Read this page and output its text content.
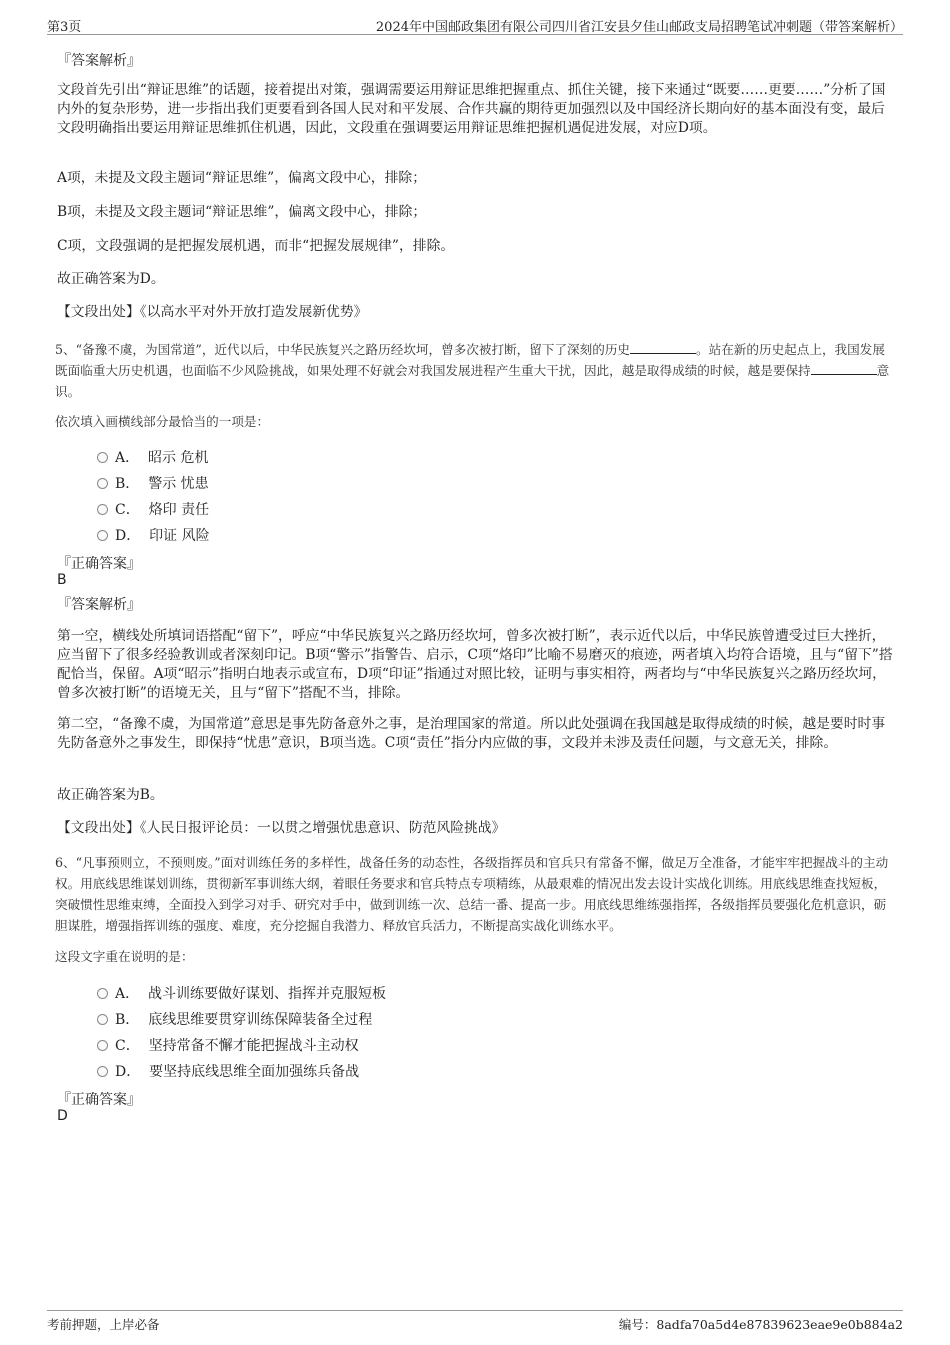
第3页	2024年中国邮政集团有限公司四川省江安县夕佳山邮政支局招聘笔试冲刺题（带答案解析）
『答案解析』
文段首先引出“辩证思维”的话题，接着提出对策，强调需要运用辩证思维把握重点、抓住关键，接下来通过“既要……更要……”分析了国内外的复杂形势，进一步指出我们更要看到各国人民对和平发展、合作共赢的期待更加强烈以及中国经济长期向好的基本面没有变，最后文段明确指出要运用辩证思维抓住机遇，因此，文段重在强调要运用辩证思维把握机遇促进发展，对应D项。
A项，未提及文段主题词“辩证思维”，偏离文段中心，排除；
B项，未提及文段主题词“辩证思维”，偏离文段中心，排除；
C项，文段强调的是把握发展机遇，而非“把握发展规律”，排除。
故正确答案为D。
【文段出处】《以高水平对外开放打造发展新优势》
5、“备豫不虞，为国常道”，近代以后，中华民族复兴之路历经坎坷，曾多次被打断，留下了深刻的历史	。站在新的历史起点上，我国发展既面临重大历史机遇，也面临不少风险挑战，如果处理不好就会对我国发展进程产生重大干扰，因此，越是取得成绩的时候，越是要保持	意识。
依次填入画横线部分最恰当的一项是：
A． 昭示 危机
B． 警示 忧患
C． 烙印 责任
D． 印证 风险
『正确答案』
B
『答案解析』
第一空，横线处所填词语搭配“留下”，呼应“中华民族复兴之路历经坎坷，曾多次被打断”，表示近代以后，中华民族曾遭受过巨大挫折，应当留下了很多经验教训或者深刻印记。B项“警示”指警告、启示，C项“烙印”比喻不易磨灭的痕迹，两者填入均符合语境，且与“留下”搭配恰当，保留。A项“昭示”指明白地表示或宣布，D项“印证”指通过对照比较，证明与事实相符，两者均与“中华民族复兴之路历经坎坷，曾多次被打断”的语境无关，且与“留下”搭配不当，排除。
第二空，“备豫不虞，为国常道”意思是事先防备意外之事，是治理国家的常道。所以此处强调在我国越是取得成绩的时候，越是要时时事先防备意外之事发生，即保持“忧患”意识，B项当选。C项“责任”指分内应做的事，文段并未涉及责任问题，与文意无关，排除。
故正确答案为B。
【文段出处】《人民日报评论员：一以贯之增强忧患意识、防范风险挑战》
6、“凡事预则立，不预则废。”面对训练任务的多样性，战备任务的动态性，各级指挥员和官兵只有常备不懈，做足万全准备，才能牢牢把握战斗的主动权。用底线思维谋划训练，贯彻新军事训练大纲，着眼任务要求和官兵特点专项精练，从最艰难的情况出发去设计实战化训练。用底线思维查找短板，突破惯性思维束缚，全面投入到学习对手、研究对手中，做到训练一次、总结一番、提高一步。用底线思维练强指挥，各级指挥员要强化危机意识，砺胆谋胜，增强指挥训练的强度、难度，充分挖掘自我潜力、释放官兵活力，不断提高实战化训练水平。
这段文字重在说明的是：
A． 战斗训练要做好谋划、指挥并克服短板
B． 底线思维要贯穿训练保障装备全过程
C． 坚持常备不懈才能把握战斗主动权
D． 要坚持底线思维全面加强练兵备战
『正确答案』
D
考前押题，上岸必备	编号：8adfa70a5d4e87839623eae9e0b884a2
